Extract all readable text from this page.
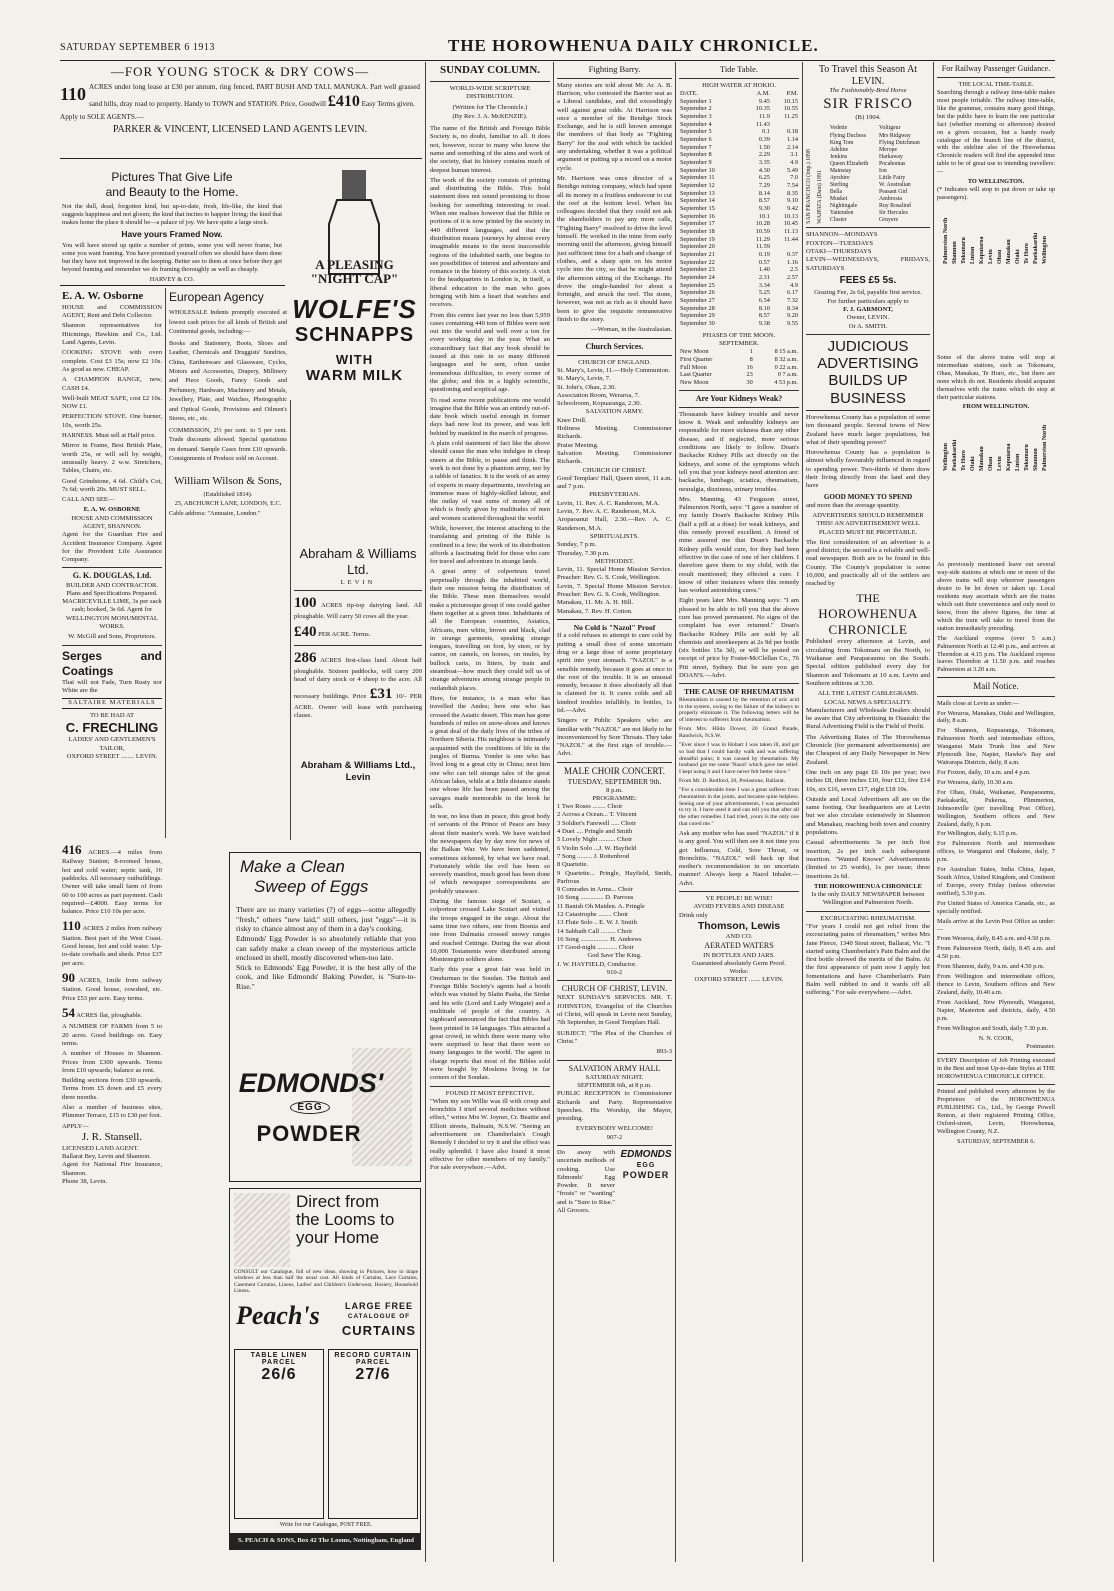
SATURDAY SEPTEMBER 6 1913	THE HOROWHENUA DAILY CHRONICLE.
—FOR YOUNG STOCK & DRY COWS—
110 ACRES under long lease at £30 per annum, ring fenced, PART BUSH AND TALL MANUKA. Part well grassed sand hills, dray road to property. Handy to TOWN and STATION. Price, Goodwill £410 Easy Terms given.
Apply to SOLE AGENTS.—
PARKER & VINCENT, LICENSED LAND AGENTS LEVIN.
Pictures That Give Life
and Beauty to the Home.

Not the dull, dead, forgotten kind, but up-to-date, fresh, life-like, the kind that suggests happiness and not gloom; the kind that incites to happier living; the kind that makes home the place it should be—a palace of joy. We have quite a large stock.

Have yours Framed Now.

You will have stored up quite a number of prints, some you will never frame, but some you want framing. You have promised yourself often we should have them done but they have not improved in the keeping. Better see to them at once before they get beyond framing and remember we do framing thoroughly as well as cheaply.

HARVEY & CO.
A PLEASING
"NIGHT CAP"
WOLFE'S
SCHNAPPS
WITH
WARM MILK
E. A. W. Osborne

HOUSE and COMMISSION AGENT, Rent and Debt Collector.

Shannon representatives for Hitcmings, Hawkins and Co., Ltd. Land Agents, Levin.

COOKING STOVE with oven complete. Cost £3 15s; now £2 10s. As good as new. CHEAP.

A CHAMPION RANGE, new, CASH £4.

Well-built MEAT SAFE, cost £2 10s. NOW £1.

PERFECTION STOVE. One burner, 10s, worth 25s.

HARNESS. Must sell at Half price.

Mirror in Frame, Best British Plate, worth 25s, or will sell by weight, unusually heavy. 2 w.w. Stretchers, Tables, Chairs, etc.

Good Grindstone, 4 6d. Child's Cot, 7s 6d; worth 20s. MUST SELL.

CALL AND SEE—

E. A. W. OSBORNE
HOUSE AND COMMISSION AGENT, SHANNON.

Agent for the Guardian Fire and Accident Insurance Company. Agent for the Provident Life Assurance Company.

G. K. DOUGLAS, Ltd.
BUILDER AND CONTRACTOR.

Plans and Specifications Prepared. MACRICEVILLE LIME, 3s per sack cash; booked, 3s 6d. Agent for WELLINGTON MONUMENTAL WORKS.

W. McGill and Sons, Proprietors.
Serges and Coatings

That will not Fade, Turn Rusty nor White are the

SALTAIRE MATERIALS
TO BE HAD AT
C. FRECHLING
LADIES' AND GENTLEMEN'S TAILOR,
OXFORD STREET ........ LEVIN.

416 ACRES.—4 miles from Railway Station; 8-roomed house, hot and cold water; septic tank, 10 paddocks. All necessary outbuildings. Owner will take small farm of from 60 to 100 acres as part payment. Cash required—£4000. Easy terms for balance. Price £10 10s per acre.

110 ACRES 2 miles from railway Station. Best part of the West Coast. Good house, hot and cold water. Up-to-date cowbails and sheds. Price £37 per acre.

90 ACRES, 1mile from railway Station. Good house, cowshed, etc. Price £53 per acre. Easy terms.

54 ACRES flat, ploughable.

A NUMBER OF FARMS from 5 to 20 acres. Good buildings on. Easy terms.

A number of Houses in Shannon. Prices from £300 upwards. Terms from £10 upwards; balance as rent.

Building sections from £30 upwards. Terms from £5 down and £5 every three months.

Also a number of business sites, Plimmer Terrace, £15 to £30 per foot.

APPLY—
J. R. Stansell.
LICENSED LAND AGENT.
Ballarat Bey, Levin and Shannon.
Agent for National Fire Insurance, Shannon.
Phone 38, Levin.
European Agency

WHOLESALE Indents promptly executed at lowest cash prices for all kinds of British and Continental goods, including:—

Books and Stationery, Boots, Shoes and Leather, Chemicals and Druggists' Sundries, China, Earthenware and Glassware, Cycles, Motors and Accessories, Drapery, Millinery and Piece Goods, Fancy Goods and Perfumery, Hardware, Machinery and Metals, Jewellery, Plate, and Watches, Photographic and Optical Goods, Provisions and Oilmen's Stores, etc., etc.

COMMISSION, 2½ per cent. to 5 per cent. Trade discounts allowed. Special quotations on demand. Sample Cases from £10 upwards. Consignments of Produce sold on Account.

William Wilson & Sons,
(Established 1814).
25, ABCHURCH LANE, LONDON, E.C.
Cable address: "Annuaire, London."
Abraham & Williams Ltd.
LEVIN

100 ACRES tip-top dairying land. All ploughable. Will carry 50 cows all the year.

£40 PER ACRE. Terms.

286 ACRES first-class land. About half ploughable. Sixteen paddocks, will carry 200 head of dairy stock or 4 sheep to the acre. All necessary buildings. Price £31 10/- PER ACRE. Owner will lease with purchasing clause.

Abraham & Williams Ltd., Levin
Make a Clean
Sweep of Eggs

There are so many varieties (?) of eggs—some allegedly "fresh," others "new laid," still others, just "eggs"—it is risky to chance almost any of them in a day's cooking.

Edmonds' Egg Powder is so absolutely reliable that you can safely make a clean sweep of the mysterious article enclosed in shell, mostly discovered when-too late.

Stick to Edmonds' Egg Powder, it is the best ally of the cook, and like Edmonds' Baking Powder, is "Sure-to-Rise."

EDMONDS'
EGG
POWDER
Direct from
the Looms to
your Home
CONSULT our Catalogue, full of new ideas, showing in Pictures, how to drape windows at less than half the usual cost. All kinds of Curtains, Lace Curtains, Casement Curtains, Linens, Ladies' and Children's Underwear, Hosiery, Household Linens.
Peach's	LARGE FREE
CATALOGUE OF
CURTAINS
TABLE LINEN PARCEL
26/6
RECORD CURTAIN PARCEL
27/6
Write for our Catalogue, POST FREE.
S. PEACH & SONS, Box 42 The Looms, Nottingham, England
SUNDAY COLUMN.
WORLD-WIDE SCRIPTURE DISTRIBUTION.
(Written for The Chronicle.)
(By Rev. J. A. McKENZIE).

The name of the British and Foreign Bible Society is, no doubt, familiar to all. It does not, however, occur to many who know the name and something of the aims and work of the society, that its history contains much of deepest human interest.

The work of the society consists of printing and distributing the Bible. This bold statement does not sound promising to those looking for something interesting to read. When one realises however that the Bible or portions of it is now printed by the society in 440 different languages, and that the distribution means journeys by almost every imaginable means to the most inaccessible regions of the inhabited earth, one begins to see possibilities of interest and adventure and romance in the history of this society. A visit to the headquarters in London is, in itself, a liberal education to the man who goes bringing with him a heart that watches and receives.

From this centre last year no less than 5,959 cases containing 440 tons of Bibles were sent out into the world and well over a ton for every working day in the year. What an extraordinary fact that any book should be issued at this rate in so many different languages and be sent, often under tremendous difficulties, to every corner of the globe; and this in a highly scientific, questioning and sceptical age.

To read some recent publications one would imagine that the Bible was an entirely out-of-date book which useful enough in former days had now lost its power, and was left behind by mankind in the march of progress.

A plain cold statement of fact like the above should cause the man who indulges in cheap sneers at the Bible, to pause and think. The work is not done by a phantom army, nor by a rabble of fanatics. It is the work of an army of experts in many departments, involving an immense mass of highly-skilled labour, and the outlay of vast sums of money all of which is freely given by multitudes of men and women scattered throughout the world.

While, however, the interest attaching to the translating and printing of the Bible is confined to a few; the work of its distribution affords a fascinating field for those who care for travel and adventure in strange lands.

A great army of colporteurs travel perpetually through the inhabited world, their one mission being the distribution of the Bible. These men themselves would make a picturesque group if one could gather them together at a given time. Inhabitants of all the European countries, Asiatics, Africans, men white, brown and black, clad in strange garments, speaking strange tongues, travelling on foot, by steer, or by canoe, on camels, on horses, on mules, by bullock carts, in litters, by train and steamboat—how much they could tell us of strange adventures among strange people in outlandish places.

Here, for instance, is a man who has travelled the Andes; here one who has crossed the Asiatic desert. This man has gone hundreds of miles on snow-shoes and knows a great deal of the daily lives of the tribes of Northern Siberia. His neighbour is intimately acquainted with the conditions of life in the jungles of Burma. Yonder is one who has lived long in a great city in China; next him one who can tell strange tales of the great African lakes, while at a little distance stands one whose life has been passed among the savages made memorable in the book he sells.

In war, no less than in peace, this great body of servants of the Prince of Peace are busy about their master's work. We have watched the newspapers day by day now for news of the Balkan War. We have been saddened, sometimes sickened, by what we have read. Fortunately while the evil has been so severely manifest, much good has been done of which newspaper correspondents are probably unaware.

During the famous siege of Scutari, a colporteur crossed Lake Scutari and visited the troops engaged in the siege. About the same time two others, one from Bosnia and one from Dalmatia crossed snowy ranges and reached Cettinge. During the war about 10,000 Testaments were distributed among Montenegrin soldiers alone.

Early this year a great fair was held in Omdurman in the Soudan. The British and Foreign Bible Society's agents had a booth which was visited by Slatin Pasha, the Sirdar and his wife (Lord and Lady Wingate) and a multitude of people of the country. A signboard announced the fact that Bibles had been printed in 14 languages. This attracted a great crowd, in which there were many who were surprised to hear that there were so many languages in the world. The agent in charge reports that most of the Bibles sold were bought by Moslems living in far corners of the Soudan.

FOUND IT MOST EFFECTIVE.

"When my son Willie was ill with croup and bronchitis I tried several medicines without effect," writes Mrs W. Joyner, Cr. Beattie and Elliott streets, Balmain, N.S.W. "Seeing an advertisement on Chamberlain's Cough Remedy I decided to try it and the effect was really splendid. I have also found it most effective for other members of my family." For sale everywhere.—Advt.

Fighting Barry.

Many stories are told about Mr. Ar. A. B. Harrison, who contested the Barrier seat as a Liberal candidate, and did exceedingly well against great odds. At Harrison was once a member of the Bendigo Stock Exchange, and he is still known amongst the members of that body as "Fighting Barry" for the zeal with which he tackled any undertaking, whether it was a political argument or putting up a record on a motor cycle.

Mr. Harrison was once director of a Bendigo mining company, which had spent all its money in a fruitless endeavour to cut the reef at the bottom level. When his colleagues decided that they could not ask the shareholders to pay any more calls, "Fighting Barry" resolved to drive the level himself. He worked in the mine from early morning until the afternoon, giving himself just sufficient time for a bath and change of clothes, and a sharp spin on his motor cycle into the city, so that he might attend the afternoon sitting of the Exchange. He drove the single-handed for about a fortnight, and struck the reef. The stone, however, was not as rich as it should have been to give the requisite remunerative finish to the story.

—Woman, in the Australasian.
Church Services.
CHURCH OF ENGLAND.
St. Mary's, Levin, 11.—Holy Communion.
St. Mary's, Levin, 7.
St. John's, Ohau, 2.30.
Association Room, Weraroa, 7.
Schoolroom, Kopuaranga, 2.30.
SALVATION ARMY.
Knee Drill.
Holiness Meeting. Commissioner Richards.
Praise Meeting.
Salvation Meeting. Commissioner Richards.
CHURCH OF CHRIST.
Good Templars' Hall, Queen street, 11 a.m. and 7 p.m.
PRESBYTERIAN.
Levin, 11. Rev. A. C. Randerson, M.A.
Levin, 7. Rev. A. C. Randerson, M.A.
Aropaoanui Hall, 2.30.—Rev. A. C. Randerson, M.A.
SPIRITUALISTS.
Sunday, 7 p.m.
Thursday, 7.30 p.m.
METHODIST.
Levin, 11. Special Home Mission Service. Preacher: Rev. G. S. Cook, Wellington.
Levin, 7. Special Home Mission Service. Preacher: Rev. G. S. Cook, Wellington.
Manakau, 11. Mr. A. H. Hill.
Manakau, 7. Rev. H. Cotton.
No Cold is "Nazol" Proof

If a cold refuses to attempt to cure cold by putting a small dose of some uncertain drug or a large dose of some proprietary spirit into your stomach. "NAZOL" is a sensible remedy, because it goes at once to the root of the trouble. It is an unusual remedy, because it does absolutely all that is claimed for it. It cures colds and all kindred troubles infallibly. In bottles, 1s 6d.—Advt.

Singers or Public Speakers who are familiar with "NAZOL" are not likely to be inconvenienced by Sore Throats. They take "NAZOL" at the first sign of trouble.—Advt.

MALE CHOIR CONCERT.
TUESDAY, SEPTEMBER 9th.
8 p.m.
PROGRAMME:
1 Two Roses ........ Choir
2 Across a Ocean... T. Vincent
3 Soldier's Farewell ..... Choir
4 Duet .... Pringle and Smith
5 Lovely Night .......... Choir
6 Violin Solo ...J. W. Hayfield
7 Song ......... J. Rottenbrod
8 Quartette.
9 Quartette... Pringle, Hayfield, Smith, Parfrous
9 Comrades in Arms... Choir
10 Song .............. D. Parrous
11 Banish Oh Maiden. A. Pringle
12 Catastrophe ........ Choir
13 Flute Solo .. E. W. J. Smith
14 Sabbath Call ......... Choir
16 Song ................. H. Andrews
17 Good-night ............ Choir
God Save The King.
J. W. HAYFIELD, Conductor.
910-2
CHURCH OF CHRIST, LEVIN.

NEXT SUNDAY'S SERVICES. MR. T. JOHNSTON, Evangelist of the Churches of Christ, will speak in Levin next Sunday, 7th September, in Good Templars Hall.

SUBJECT: "The Plea of the Churches of Christ."

893-3
SALVATION ARMY HALL
SATURDAY NIGHT.
SEPTEMBER 6th, at 8 p.m.

PUBLIC RECEPTION to Commissioner Richards and Party. Representative Speeches. His Worship, the Mayor, presiding.

EVERYBODY WELCOME!
907-2
Do away with uncertain methods of cooking. Use Edmonds' Egg Powder. It never "frosts" or "wanting" and is "Sure to Rise." All Grocers.
EDMONDS
EGG
POWDER
Tide Table.
HIGH WATER AT HOKIO.
DATE.	A.M.	P.M.
September 1	9.45	10.15
September 2	10.35	10.55
September 3	11.9	11.25
September 4	11.43	
September 5	0.1	0.18
September 6	0.39	1.14
September 7	1.50	2.14
September 8	2.29	3.1
September 9	3.35	4.9
September 10	4.30	5.49
September 11	6.25	7.0
September 12	7.29	7.54
September 13	8.14	8.35
September 14	8.57	9.10
September 15	9.30	9.42
September 16	10.1	10.13
September 17	10.28	10.45
September 18	10.59	11.13
September 19	11.29	11.44
September 20	11.59	
September 21	0.19	0.37
September 22	0.57	1.16
September 23	1.40	2.5
September 24	2.31	2.57
September 25	3.34	4.9
September 26	5.25	6.17
September 27	6.54	7.32
September 28	8.10	8.34
September 29	8.57	9.20
September 30	9.38	9.55
PHASES OF THE MOON.
SEPTEMBER.
New Moon	1	8 15 a.m.
First Quarter	8	8 32 a.m.
Full Moon	16	0 22 a.m.
Last Quarter	23	0 7 a.m.
New Moon	30	4 53 p.m.
Are Your Kidneys Weak?

Thousands have kidney trouble and never know it. Weak and unhealthy kidneys are responsible for more sickness than any other disease, and if neglected, more serious conditions are likely to follow. Doan's Backache Kidney Pills act directly on the kidneys, and some of the symptoms which tell you that your kidneys need attention are: backache, lumbago, sciatica, rheumatism, neuralgia, dizziness, urinary troubles.

Mrs. Manning, 43 Ferguson street, Palmerston North, says: "I gave a number of my family Doan's Backache Kidney Pills (half a pill at a dose) for weak kidneys, and this remedy proved excellent. A friend of mine assured me that Doan's Backache Kidney pills would cure, for they had been effective in the case of one of her children. I therefore gave them to my child, with the result mentioned; they effected a cure. I know of other instances where this remedy has worked astonishing cures."

Eight years later Mrs. Manning says: "I am pleased to be able to tell you that the above cure has proved permanent. No signs of the complaint has ever returned." Doan's Backache Kidney Pills are sold by all chemists and storekeepers at 2s 9d per bottle (six bottles 15s 3d), or will be posted on receipt of price by Foster-McClellan Co., 76 Pitt street, Sydney. But be sure you get DOAN'S.—Advt.

THE CAUSE OF RHEUMATISM

Rheumatism is caused by the retention of uric acid in the system, owing to the failure of the kidneys to properly eliminate it. The following letters will be of interest to sufferers from rheumatism.

From Mrs. Hilda Dower, 20 Grand Parade, Randwick, N.S.W.

"Ever since I was in Hobart I was taken ill, and got so bad that I could hardly walk and was suffering dreadful pains; it was caused by rheumatism. My husband got me some 'Nazol' which gave me relief. I kept using it and I have never felt better since."

From Mr. D. Redford, 20, Prelastone, Ballarat.

"For a considerable time I was a great sufferer from rheumatism in the joints, and became quite helpless. Seeing one of your advertisements, I was persuaded to try it. I have used it and can tell you that after all the other remedies I had tried, yours is the only one that cured me."

Ask any mother who has used "NAZOL" if it is any good. You will then see it not time you got Influenza, Cold, Sore Throat, or Bronchitis. "NAZOL" will hack up that mother's recommendation in no uncertain manner! Always keep a Nazol Inhaler.—Advt.

YE PEOPLE! BE WISE!
AVOID FEVERS AND DISEASE
Drink only
Thomson, Lewis
AND CO.
AERATED WATERS
IN BOTTLES AND JARS.
Guaranteed absolutely Germ Proof.
Works:
OXFORD STREET ....... LEVIN.
To Travel this Season At LEVIN.
The Fashionably-Bred Horse
SIR FRISCO
(B) 1904.
SAN FRANCISCO (Imp.) 1898 WAIPATA (Dam) 1891
Vedette	Voltigeur
Flying Duchess	Mrs Ridgway
King Tom	Flying Dutchman
Adeline	Merope
Jenkins	Harkaway
Queen Elizabeth	Pocahontas
Mainstay	Ion
Ayrshire	Little Fairy
Sterling	W. Australian
Bella	Peasant Girl
Musket	Ambrosia
Nightingale	Ruy Rosalind
Yattendon	Sir Hercules
Cluster	Gruyere
SHANNON—MONDAYS
FOXTON—TUESDAYS
OTAKI—THURSDAYS
LEVIN—WEDNESDAYS, FRIDAYS, SATURDAYS
FEES £5 5s.
Grazing Fee, 2s 6d, payable first service.
For further particulars apply to
F. J. GARMONT,
Owner, LEVIN.
Or A. SMITH.
JUDICIOUS ADVERTISING BUILDS UP BUSINESS

Horowhenua County has a population of some ten thousand people. Several towns of New Zealand have much larger populations, but what of their spending power?

Horowhenua County has a population is almost wholly favourably influenced in regard to spending power. Two-thirds of them draw their living directly from the land and they have

GOOD MONEY TO SPEND

and more than the average quantity.

ADVERTISERS SHOULD REMEMBER THIS! AN ADVERTISEMENT WELL PLACED MUST BE PROFITABLE.

The first consideration of an advertiser is a good district; the second is a reliable and well-read newspaper. Both are to be found in this County. The County's population is some 10,000, and practically all of the settlers are reached by

THE
HOROWHENUA
CHRONICLE

Published every afternoon at Levin, and circulating from Tokomaru on the North, to Waikanae and Paraparaumu on the South. Special edition published every day for Shannon and Tokomaru at 10 a.m. Levin and Southern editions at 3.30.

ALL THE LATEST CABLEGRAMS.
LOCAL NEWS A SPECIALITY.

Manufacturers and Wholesale Dealers should be aware that City advertising in Otautahi: the Rural Advertising Field is the Field of Profit.

The Advertising Rates of The Horowhenua Chronicle (for permanent advertisements) are the Cheapest of any Daily Newspaper in New Zealand.

One inch on any page £6 10s per year; two inches £8, three inches £10, four £12, five £14 10s, six £16, seven £17, eight £18 10s.

Outside and Local Advertisers all are on the same footing. Our headquarters are at Levin but we also circulate extensively in Shannon and Manakau, reaching both town and country populations.

Casual advertisements 3s per inch first insertion, 2s per inch each subsequent insertion. "Wanted Known" Advertisements (limited to 25 words), 1s per issue; three insertions 2s 6d.

THE HOROWHENUA CHRONICLE

Is the only DAILY NEWSPAPER between Wellington and Palmerston North.

EXCRUCIATING RHEUMATISM.

"For years I could not get relief from the excruciating pains of rheumatism," writes Mrs Jane Pierce, 1340 Stout street, Ballarat, Vic. "I started using Chamberlain's Pain Balm and the first bottle showed the merits of the Balm. At the first appearance of pain now I apply hot fomentations and have Chamberlain's Pain Balm well rubbed in and it wards off all suffering." For sale everywhere.—Advt.

For Railway Passenger Guidance.
THE LOCAL TIME-TABLE.

Searching through a railway time-table makes most people irritable. The railway time-table, like the grammar, contains many good things, but the public have to learn the one particular fact (whether morning or afternoon) desired on a given occasion, but a handy ready catalogue of the branch line of the district, with the sideline also of the Horowhenua Chronicle readers will find the appended time table to be of great use to intending travellers:—

TO WELLINGTON.

(* Indicates will stop to put down or take up passengers).

Palmerston North Shannon Tokomaru Linton Kopuiaroa Levin Ohau Manakau Otaki Te Horo Paekakariki Wellington

Some of the above trains will stop at intermediate stations, such as Tokomaru, Ohau, Manakau, Te Horo, etc., but there are none which do not. Residents should acquaint themselves with the trains which do stop at their particular stations.

FROM WELLINGTON.
Wellington Paekakariki Te Horo Otaki Manakau Ohau Levin Kopuiaroa Linton Tokomaru Shannon Palmerston North

As previously mentioned leave out several way-side stations at which one or more of the above trains will stop wherever passengers desire to be let down or taken up. Local residents may ascertain which are the trains which suit their convenience and only need to know, from the above figures, the time at which the train will take to travel from the station immediately preceding.

The Auckland express (over 5 a.m.) Palmerston North at 12.40 p.m., and arrives at Thorndon at 4.15 p.m. The Auckland express leaves Thorndon at 11.50 p.m. and reaches Palmerston at 3.20 a.m.

Mail Notice.

Mails close at Levin as under:—

For Weraroa, Manakau, Otaki and Wellington, daily, 8 a.m.

For Shannon, Kopuaranga, Tokomaru, Palmerston North and intermediate offices, Wanganui Main Trunk line and New Plymouth line, Napier, Hawke's Bay and Wairarapa Districts, daily, 8 a.m.

For Foxton, daily, 10 a.m. and 4 p.m.

For Weraroa, daily, 10.30 a.m.

For Ohau, Otaki, Waikanae, Paraparaumu, Paekakariki, Pukerua, Plimmerton, Johnsonville (per travelling Post Office), Wellington, Southern offices and New Zealand, daily, 6 p.m.

For Wellington, daily, 6.15 p.m.

For Palmerston North and intermediate offices, to Wanganui and Ohakune, daily, 7 p.m.

For Australian States, India China, Japan, South Africa, United Kingdom, and Continent of Europe, every Friday (unless otherwise notified), 5.30 p.m.

For United States of America Canada, etc., as specially notified.

Mails arrive at the Levin Post Office as under:—

From Weraroa, daily, 8.45 a.m. and 4.50 p.m.

From Palmerston North, daily, 8.45 a.m. and 4.50 p.m.

From Shannon, daily, 9 a.m. and 4.50 p.m.

From Wellington and intermediate offices, thence to Levin, Southern offices and New Zealand, daily, 10.40 a.m.

From Auckland, New Plymouth, Wanganui, Napier, Masterton and districts, daily, 4.50 p.m.

From Wellington and South, daily 7.30 p.m.

N. N. COOK,
Postmaster.

EVERY Description of Job Printing executed in the Best and most Up-to-date Styles at THE HOROWHENUA CHRONICLE OFFICE.

Printed and published every afternoon by the Proprietors of the HOROWHENUA PUBLISHING Co., Ltd., by George Powell Renton, at their registered Printing Office, Oxford-street, Levin, Horowhenua, Wellington County, N.Z.

SATURDAY, SEPTEMBER 6.
